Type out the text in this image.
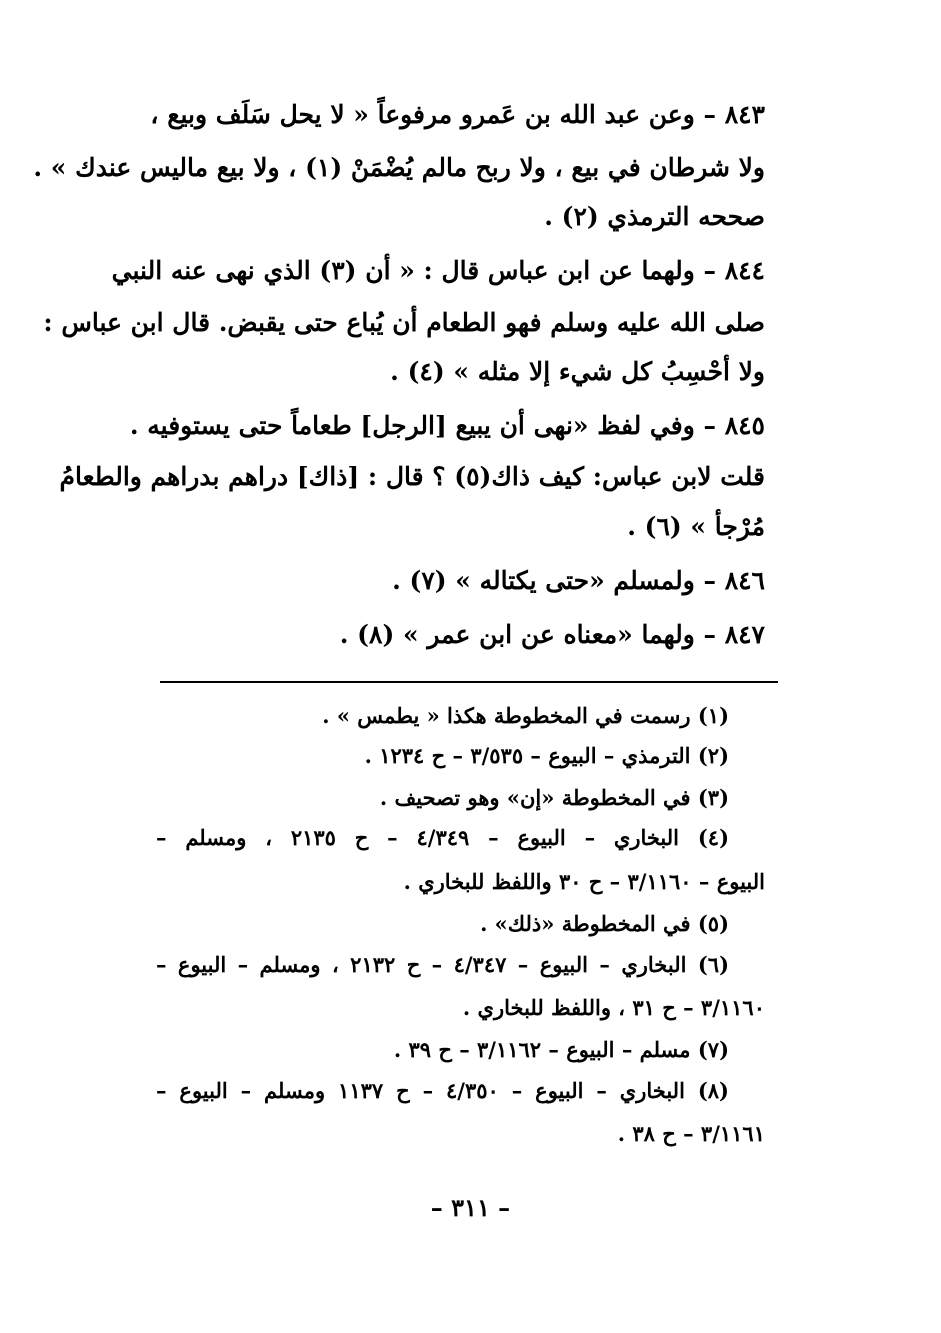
٨٤٣ – وعن عبد الله بن عَمرو مرفوعاً « لا يحل سَلَف وبيع ،
ولا شرطان في بيع ، ولا ربح مالم يُضْمَنْ (١) ، ولا بيع ماليس عندك » .
صححه الترمذي (٢) .
٨٤٤ – ولهما عن ابن عباس قال : « أن (٣) الذي نهى عنه النبي
صلى الله عليه وسلم فهو الطعام أن يُباع حتى يقبض. قال ابن عباس :
ولا أحْسِبُ كل شيء إلا مثله » (٤) .
٨٤٥ – وفي لفظ «نهى أن يبيع [الرجل] طعاماً حتى يستوفيه .
قلت لابن عباس: كيف ذاك(٥) ؟ قال : [ذاك] دراهم بدراهم والطعامُ
مُرْجأ » (٦) .
٨٤٦ – ولمسلم «حتى يكتاله » (٧) .
٨٤٧ – ولهما «معناه عن ابن عمر » (٨) .
(١) رسمت في المخطوطة هكذا « يطمس » .
(٢) الترمذي – البيوع – ٣/٥٣٥ – ح ١٢٣٤ .
(٣) في المخطوطة «إن» وهو تصحيف .
(٤) البخاري – البيوع – ٤/٣٤٩ – ح ٢١٣٥ ، ومسلم –
البيوع – ٣/١١٦٠ – ح ٣٠ واللفظ للبخاري .
(٥) في المخطوطة «ذلك» .
(٦) البخاري – البيوع – ٤/٣٤٧ – ح ٢١٣٢ ، ومسلم – البيوع –
٣/١١٦٠ – ح ٣١ ، واللفظ للبخاري .
(٧) مسلم – البيوع – ٣/١١٦٢ – ح ٣٩ .
(٨) البخاري – البيوع – ٤/٣٥٠ – ح ١١٣٧ ومسلم – البيوع –
٣/١١٦١ – ح ٣٨ .
– ٣١١ –
